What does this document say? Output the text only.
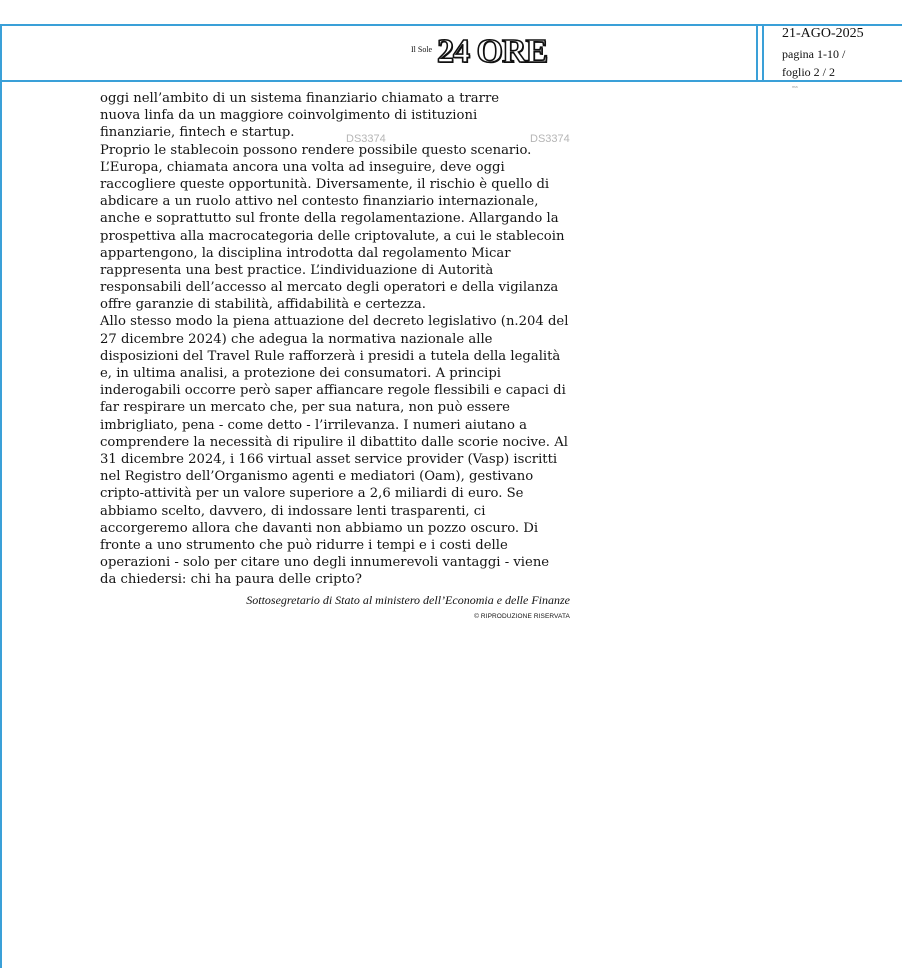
Il Sole 24 ORE	21-AGO-2025
pagina 1-10 /
foglio 2 / 2
ma
oggi nell’ambito di un sistema finanziario chiamato a trarre
nuova linfa da un maggiore coinvolgimento di istituzioni
finanziarie, fintech e startup.
Proprio le stablecoin possono rendere possibile questo scenario.
L’Europa, chiamata ancora una volta ad inseguire, deve oggi
raccogliere queste opportunità. Diversamente, il rischio è quello di
abdicare a un ruolo attivo nel contesto finanziario internazionale,
anche e soprattutto sul fronte della regolamentazione. Allargando la
prospettiva alla macrocategoria delle criptovalute, a cui le stablecoin
appartengono, la disciplina introdotta dal regolamento Micar
rappresenta una best practice. L’individuazione di Autorità
responsabili dell’accesso al mercato degli operatori e della vigilanza
offre garanzie di stabilità, affidabilità e certezza.
Allo stesso modo la piena attuazione del decreto legislativo (n.204 del
27 dicembre 2024) che adegua la normativa nazionale alle
disposizioni del Travel Rule rafforzerà i presidi a tutela della legalità
e, in ultima analisi, a protezione dei consumatori. A principi
inderogabili occorre però saper affiancare regole flessibili e capaci di
far respirare un mercato che, per sua natura, non può essere
imbrigliato, pena - come detto - l’irrilevanza. I numeri aiutano a
comprendere la necessità di ripulire il dibattito dalle scorie nocive. Al
31 dicembre 2024, i 166 virtual asset service provider (Vasp) iscritti
nel Registro dell’Organismo agenti e mediatori (Oam), gestivano
cripto-attività per un valore superiore a 2,6 miliardi di euro. Se
abbiamo scelto, davvero, di indossare lenti trasparenti, ci
accorgeremo allora che davanti non abbiamo un pozzo oscuro. Di
fronte a uno strumento che può ridurre i tempi e i costi delle
operazioni - solo per citare uno degli innumerevoli vantaggi - viene
da chiedersi: chi ha paura delle cripto?
Sottosegretario di Stato al ministero dell’Economia e delle Finanze
© RIPRODUZIONE RISERVATA
DS3374	DS3374
